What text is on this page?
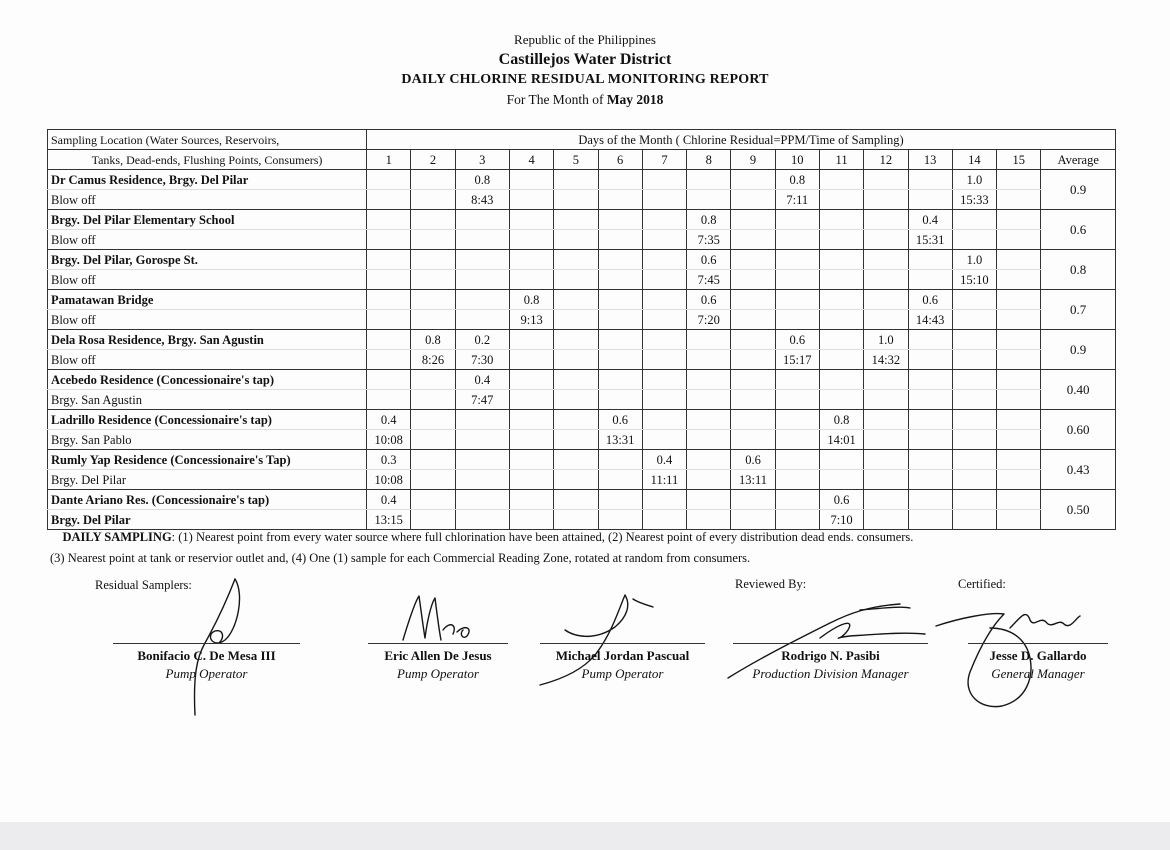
Republic of the Philippines
Castillejos Water District
DAILY CHLORINE RESIDUAL MONITORING REPORT
For The Month of May 2018
Sampling Location (Water Sources, Reservoirs,	Days of the Month ( Chlorine Residual=PPM/Time of Sampling)															
Tanks, Dead-ends, Flushing Points, Consumers)	1	2	3	4	5	6	7	8	9	10	11	12	13	14	15	Average
Dr Camus Residence, Brgy. Del Pilar			0.8							0.8				1.0		0.9
Blow off			8:43							7:11				15:33		
Brgy. Del Pilar Elementary School								0.8					0.4			0.6
Blow off								7:35					15:31			
Brgy. Del Pilar, Gorospe St.								0.6						1.0		0.8
Blow off								7:45						15:10		
Pamatawan Bridge				0.8				0.6					0.6			0.7
Blow off				9:13				7:20					14:43			
Dela Rosa Residence, Brgy. San Agustin		0.8	0.2							0.6		1.0				0.9
Blow off		8:26	7:30							15:17		14:32				
Acebedo Residence (Concessionaire's tap)			0.4													0.40
Brgy. San Agustin			7:47													
Ladrillo Residence (Concessionaire's tap)	0.4					0.6					0.8					0.60
Brgy. San Pablo	10:08					13:31					14:01					
Rumly Yap Residence (Concessionaire's Tap)	0.3						0.4		0.6							0.43
Brgy. Del Pilar	10:08						11:11		13:11							
Dante Ariano Res. (Concessionaire's tap)	0.4										0.6					0.50
Brgy. Del Pilar	13:15										7:10					
DAILY SAMPLING: (1) Nearest point from every water source where full chlorination have been attained, (2) Nearest point of every distribution dead ends. consumers.
(3) Nearest point at tank or reservior outlet and, (4) One (1) sample for each Commercial Reading Zone, rotated at random from consumers.
Residual Samplers:	Reviewed By:	Certified:
Bonifacio C. De Mesa III
Pump Operator
Eric Allen De Jesus
Pump Operator
Michael Jordan Pascual
Pump Operator
Rodrigo N. Pasibi
Production Division Manager
Jesse D. Gallardo
General Manager
